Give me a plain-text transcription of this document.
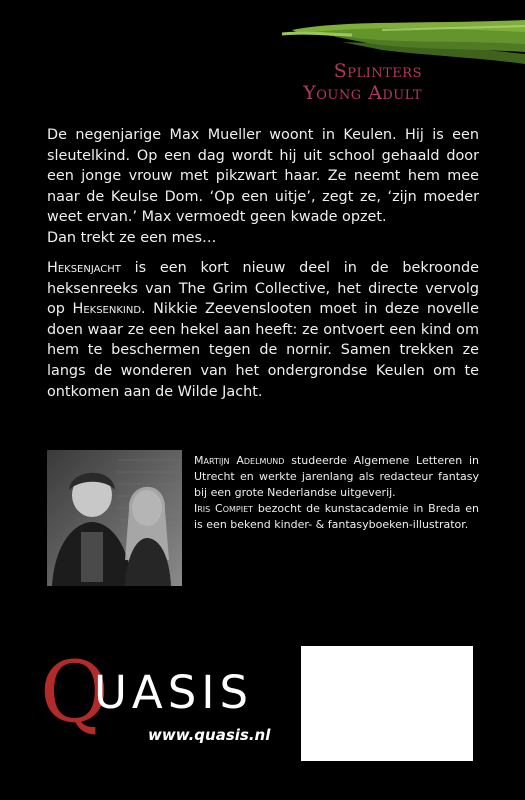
Splinters
Young Adult

De negenjarige Max Mueller woont in Keulen. Hij is een sleutelkind. Op een dag wordt hij uit school gehaald door een jonge vrouw met pikzwart haar. Ze neemt hem mee naar de Keulse Dom. ‘Op een uitje’, zegt ze, ‘zijn moeder weet ervan.’ Max vermoedt geen kwade opzet.

Dan trekt ze een mes…

Heksenjacht is een kort nieuw deel in de bekroonde heksenreeks van The Grim Collective, het directe vervolg op Heksenkind. Nikkie Zeevenslooten moet in deze novelle doen waar ze een hekel aan heeft: ze ontvoert een kind om hem te beschermen tegen de nornir. Samen trekken ze langs de wonderen van het ondergrondse Keulen om te ontkomen aan de Wilde Jacht.

Martijn Adelmund studeerde Algemene Letteren in Utrecht en werkte jarenlang als redacteur fantasy bij een grote Nederlandse uitgeverij.

Iris Compiet bezocht de kunstacademie in Breda en is een bekend kinder- & fantasyboeken-illustrator.

Q
UASIS
www.quasis.nl
